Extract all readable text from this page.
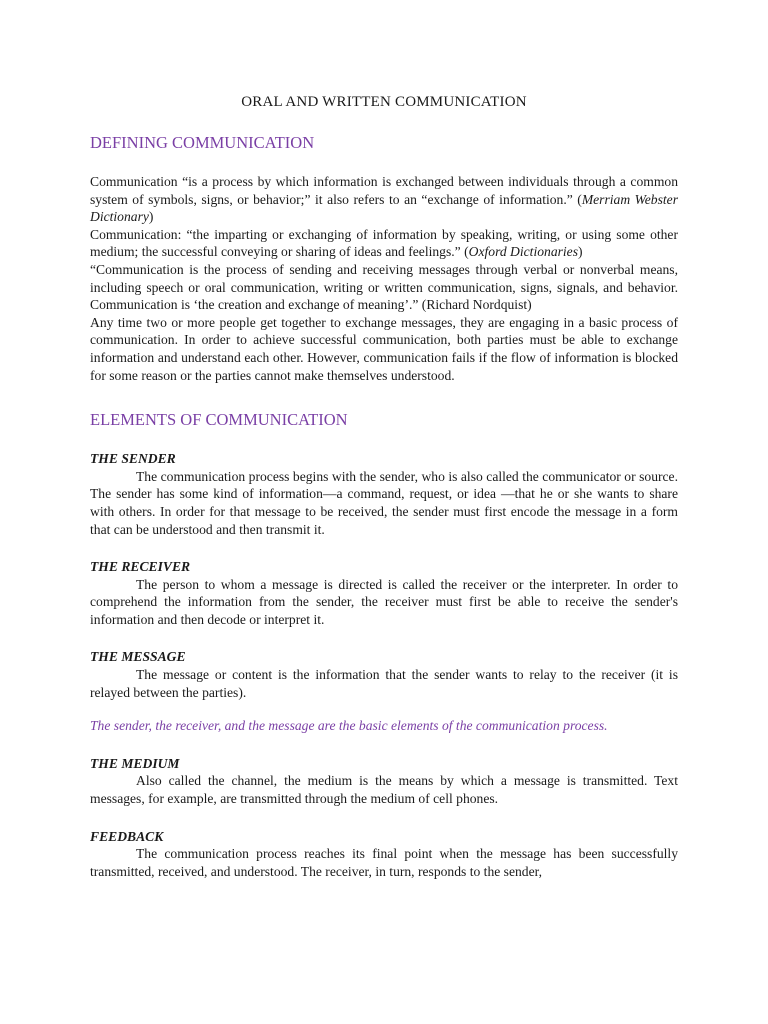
ORAL AND WRITTEN COMMUNICATION
DEFINING COMMUNICATION

Communication “is a process by which information is exchanged between individuals through a common system of symbols, signs, or behavior;” it also refers to an “exchange of information.” (Merriam Webster Dictionary)

Communication: “the imparting or exchanging of information by speaking, writing, or using some other medium; the successful conveying or sharing of ideas and feelings.” (Oxford Dictionaries)

“Communication is the process of sending and receiving messages through verbal or nonverbal means, including speech or oral communication, writing or written communication, signs, signals, and behavior. Communication is ‘the creation and exchange of meaning’.” (Richard Nordquist)

Any time two or more people get together to exchange messages, they are engaging in a basic process of communication. In order to achieve successful communication, both parties must be able to exchange information and understand each other. However, communication fails if the flow of information is blocked for some reason or the parties cannot make themselves understood.

ELEMENTS OF COMMUNICATION
THE SENDER

The communication process begins with the sender, who is also called the communicator or source. The sender has some kind of information—a command, request, or idea —that he or she wants to share with others. In order for that message to be received, the sender must first encode the message in a form that can be understood and then transmit it.

THE RECEIVER

The person to whom a message is directed is called the receiver or the interpreter. In order to comprehend the information from the sender, the receiver must first be able to receive the sender's information and then decode or interpret it.

THE MESSAGE

The message or content is the information that the sender wants to relay to the receiver (it is relayed between the parties).

The sender, the receiver, and the message are the basic elements of the communication process.

THE MEDIUM

Also called the channel, the medium is the means by which a message is transmitted. Text messages, for example, are transmitted through the medium of cell phones.

FEEDBACK

The communication process reaches its final point when the message has been successfully transmitted, received, and understood. The receiver, in turn, responds to the sender,
